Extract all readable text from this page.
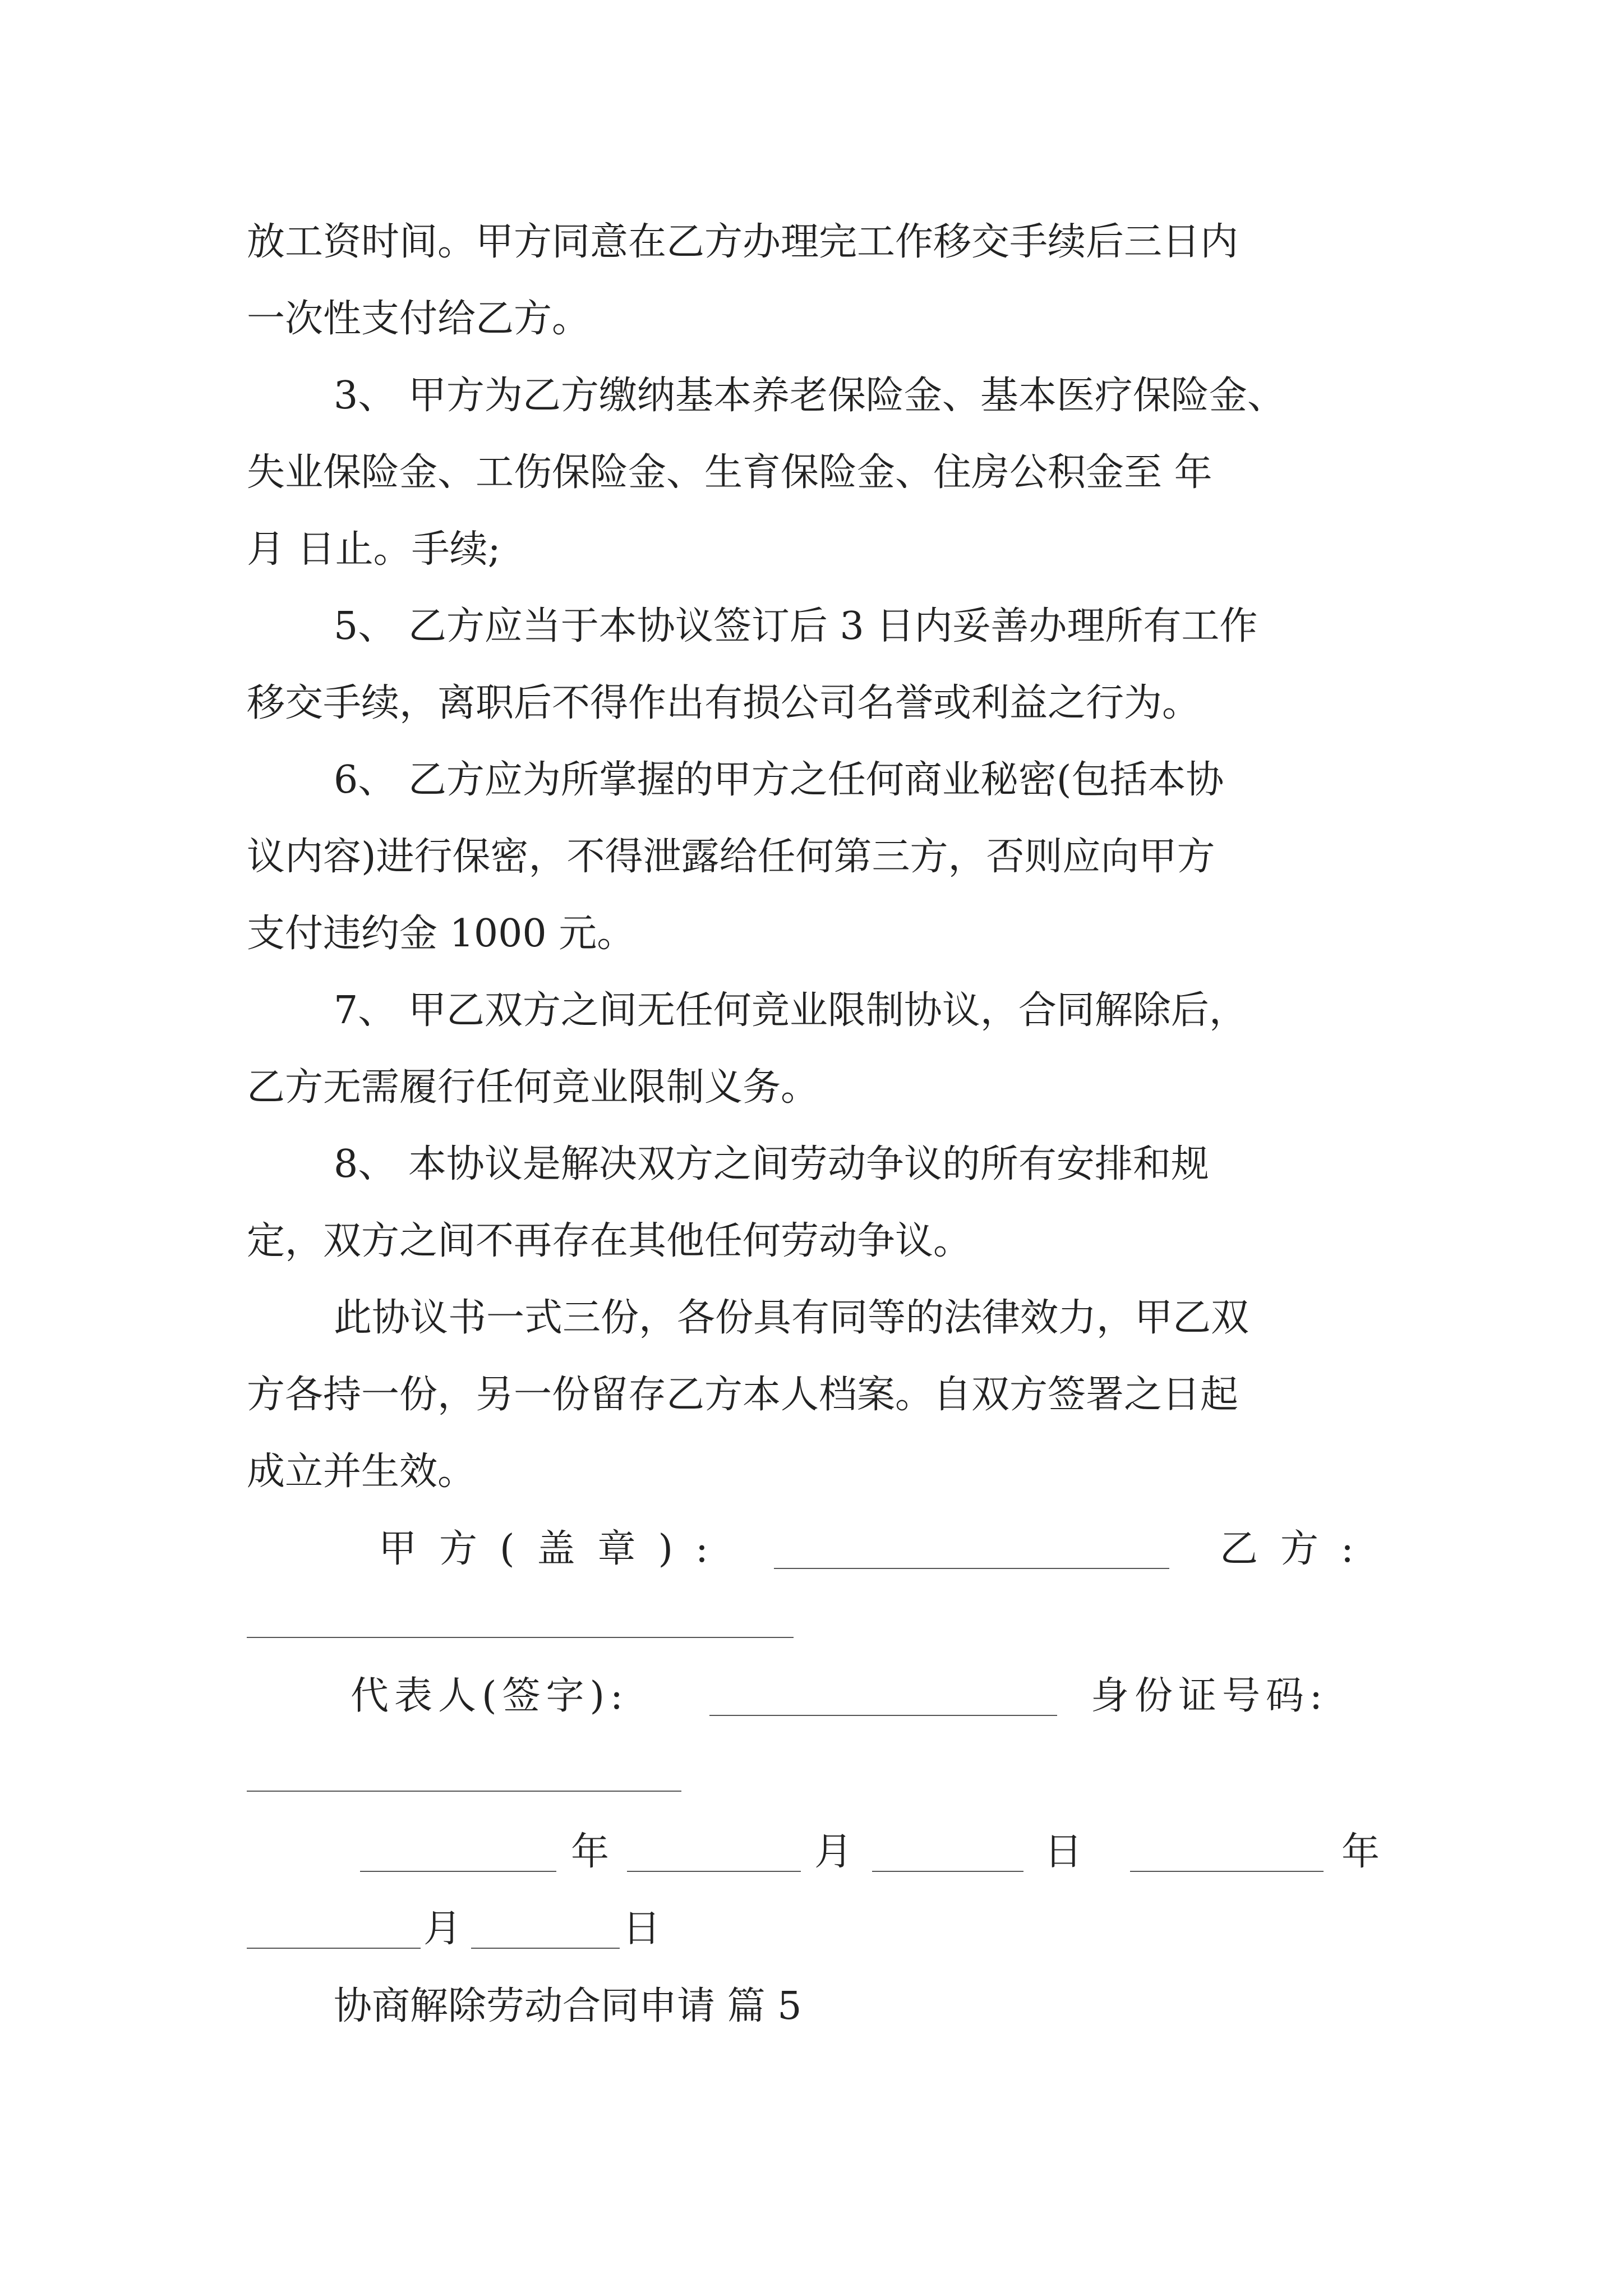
放工资时间。甲方同意在乙方办理完工作移交手续后三日内
一次性支付给乙方。
3、 甲方为乙方缴纳基本养老保险金、基本医疗保险金、
失业保险金、工伤保险金、生育保险金、住房公积金至 年
月 日止。手续;
5、 乙方应当于本协议签订后 3 日内妥善办理所有工作
移交手续，离职后不得作出有损公司名誉或利益之行为。
6、 乙方应为所掌握的甲方之任何商业秘密(包括本协
议内容)进行保密，不得泄露给任何第三方，否则应向甲方
支付违约金 1000 元。
7、 甲乙双方之间无任何竞业限制协议，合同解除后，
乙方无需履行任何竞业限制义务。
8、 本协议是解决双方之间劳动争议的所有安排和规
定，双方之间不再存在其他任何劳动争议。
此协议书一式三份，各份具有同等的法律效力，甲乙双
方各持一份，另一份留存乙方本人档案。自双方签署之日起
成立并生效。
甲方(盖章):	乙方:
代表人(签字):	身份证号码:
年	月	日	年
月	日
协商解除劳动合同申请 篇 5
